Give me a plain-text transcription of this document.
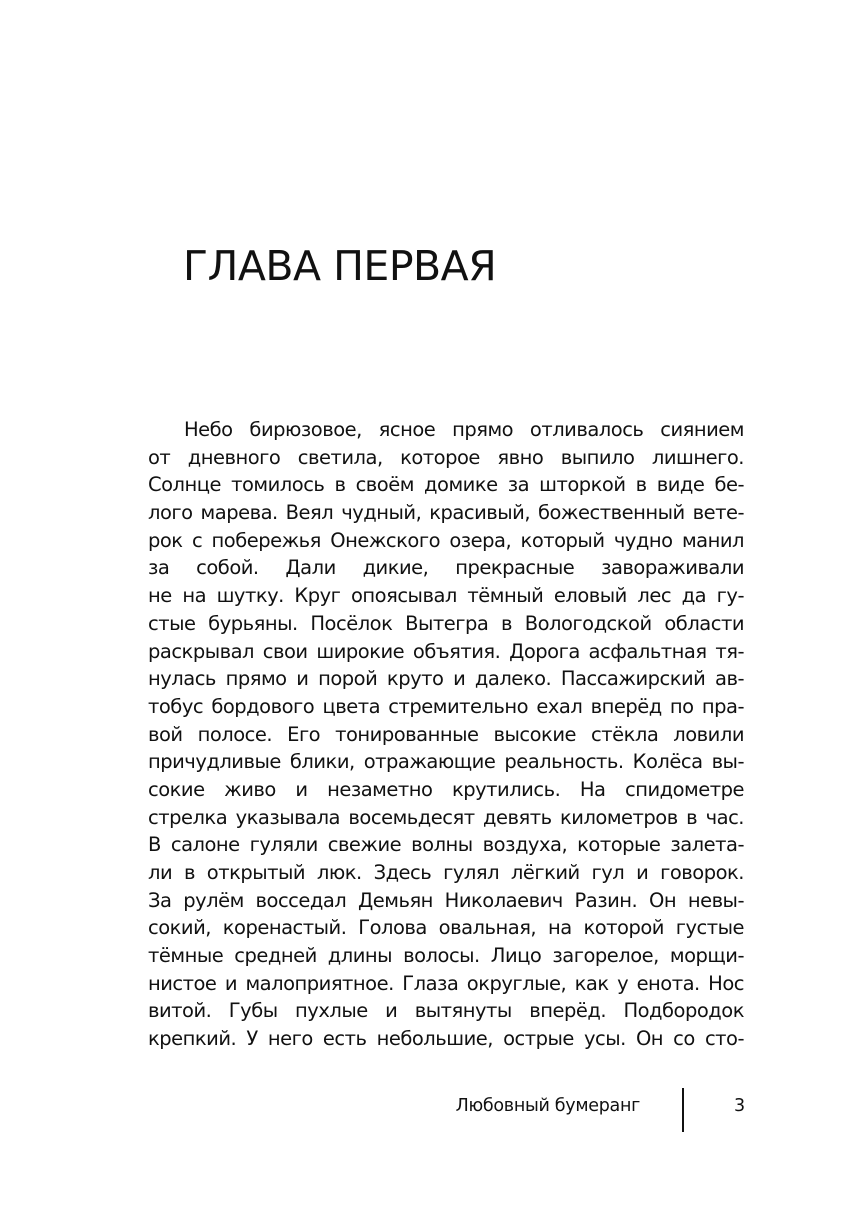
ГЛАВА ПЕРВАЯ
Небо бирюзовое, ясное прямо отливалось сиянием
от дневного светила, которое явно выпило лишнего.
Солнце томилось в своём домике за шторкой в виде бе-
лого марева. Веял чудный, красивый, божественный вете-
рок с побережья Онежского озера, который чудно манил
за собой. Дали дикие, прекрасные завораживали
не на шутку. Круг опоясывал тёмный еловый лес да гу-
стые бурьяны. Посёлок Вытегра в Вологодской области
раскрывал свои широкие объятия. Дорога асфальтная тя-
нулась прямо и порой круто и далеко. Пассажирский ав-
тобус бордового цвета стремительно ехал вперёд по пра-
вой полосе. Его тонированные высокие стёкла ловили
причудливые блики, отражающие реальность. Колёса вы-
сокие живо и незаметно крутились. На спидометре
стрелка указывала восемьдесят девять километров в час.
В салоне гуляли свежие волны воздуха, которые залета-
ли в открытый люк. Здесь гулял лёгкий гул и говорок.
За рулём восседал Демьян Николаевич Разин. Он невы-
сокий, коренастый. Голова овальная, на которой густые
тёмные средней длины волосы. Лицо загорелое, морщи-
нистое и малоприятное. Глаза округлые, как у енота. Нос
витой. Губы пухлые и вытянуты вперёд. Подбородок
крепкий. У него есть небольшие, острые усы. Он со сто-
Любовный бумеранг	3
